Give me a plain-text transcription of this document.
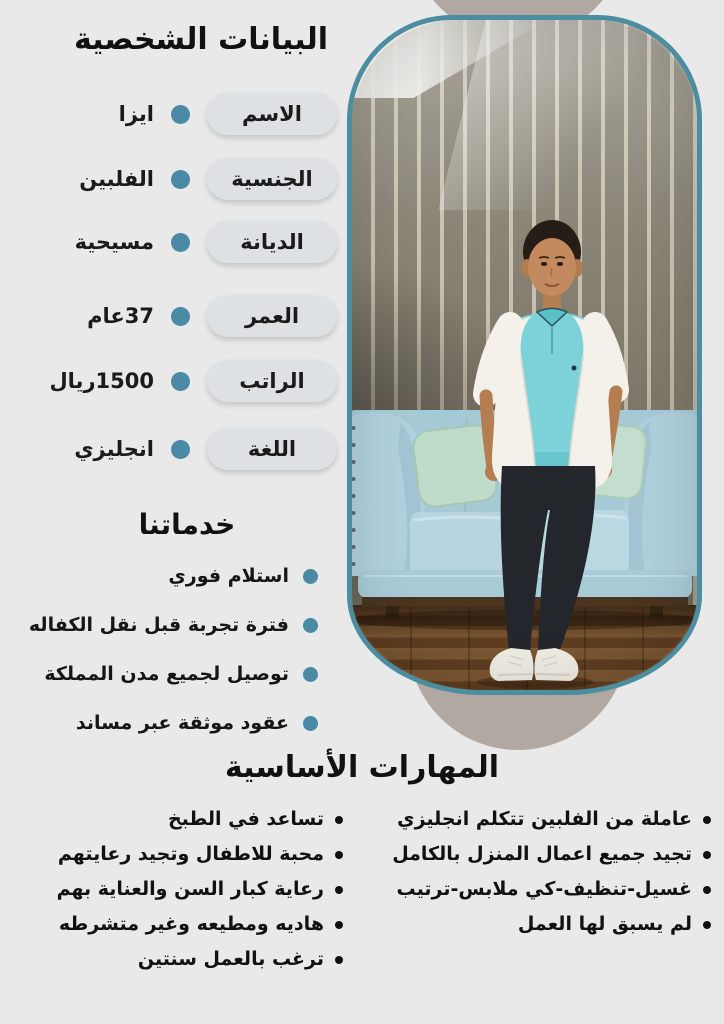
البيانات الشخصية
الاسم
ايزا
الجنسية
الفلبين
الديانة
مسيحية
العمر
37عام
الراتب
1500ريال
اللغة
انجليزي
خدماتنا
استلام فوري
فترة تجربة قبل نقل الكفاله
توصيل لجميع مدن المملكة
عقود موثقة عبر مساند
المهارات الأساسية
عاملة من الفلبين تتكلم انجليزي
تجيد جميع اعمال المنزل بالكامل
غسيل-تنظيف-كي ملابس-ترتيب
لم يسبق لها العمل
تساعد في الطبخ
محبة للاطفال وتجيد رعايتهم
رعاية كبار السن والعناية بهم
هاديه ومطيعه وغير متشرطه
ترغب بالعمل سنتين
